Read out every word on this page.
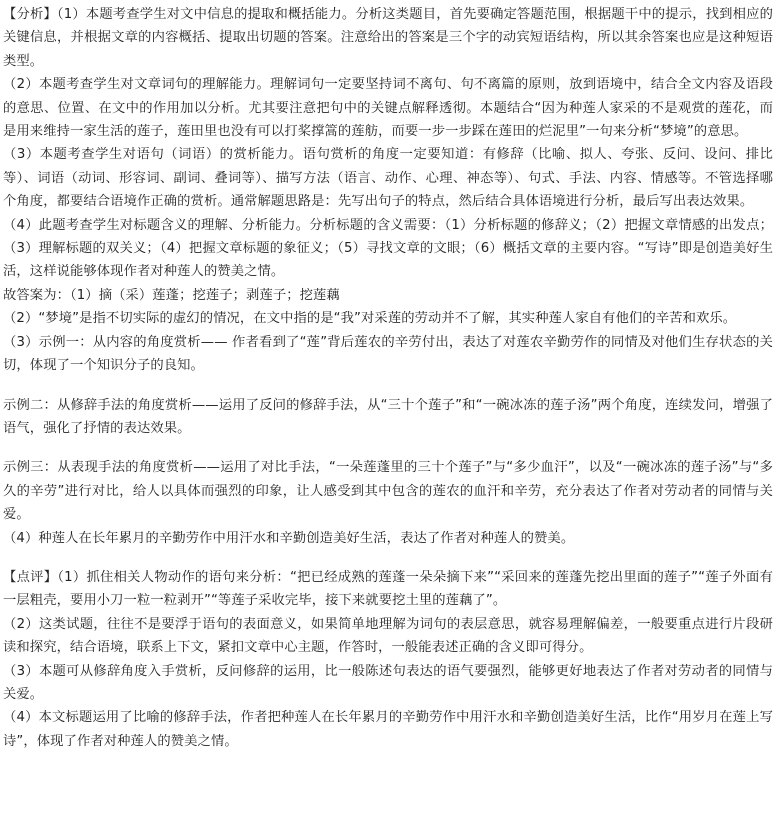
【分析】（1）本题考查学生对文中信息的提取和概括能力。分析这类题目，首先要确定答题范围，根据题干中的提示，找到相应的关键信息，并根据文章的内容概括、提取出切题的答案。注意给出的答案是三个字的动宾短语结构，所以其余答案也应是这种短语类型。

（2）本题考查学生对文章词句的理解能力。理解词句一定要坚持词不离句、句不离篇的原则，放到语境中，结合全文内容及语段的意思、位置、在文中的作用加以分析。尤其要注意把句中的关键点解释透彻。本题结合“因为种莲人家采的不是观赏的莲花，而是用来维持一家生活的莲子，莲田里也没有可以打桨撑篙的莲舫，而要一步一步踩在莲田的烂泥里”一句来分析“梦境”的意思。

（3）本题考查学生对语句（词语）的赏析能力。语句赏析的角度一定要知道：有修辞（比喻、拟人、夸张、反问、设问、排比等）、词语（动词、形容词、副词、叠词等）、描写方法（语言、动作、心理、神态等）、句式、手法、内容、情感等。不管选择哪个角度，都要结合语境作正确的赏析。通常解题思路是：先写出句子的特点，然后结合具体语境进行分析，最后写出表达效果。

（4）此题考查学生对标题含义的理解、分析能力。分析标题的含义需要：（1）分析标题的修辞义；（2）把握文章情感的出发点；（3）理解标题的双关义；（4）把握文章标题的象征义；（5）寻找文章的文眼；（6）概括文章的主要内容。“写诗”即是创造美好生活，这样说能够体现作者对种莲人的赞美之情。

故答案为：（1）摘（采）莲蓬；挖莲子；剥莲子；挖莲藕

（2）“梦境”是指不切实际的虚幻的情况，在文中指的是“我”对采莲的劳动并不了解，其实种莲人家自有他们的辛苦和欢乐。

（3）示例一：从内容的角度赏析—— 作者看到了“莲”背后莲农的辛劳付出，表达了对莲农辛勤劳作的同情及对他们生存状态的关切，体现了一个知识分子的良知。

示例二：从修辞手法的角度赏析——运用了反问的修辞手法，从“三十个莲子”和“一碗冰冻的莲子汤”两个角度，连续发问，增强了语气，强化了抒情的表达效果。

示例三：从表现手法的角度赏析——运用了对比手法，“一朵莲蓬里的三十个莲子”与“多少血汗”，以及“一碗冰冻的莲子汤”与“多久的辛劳”进行对比，给人以具体而强烈的印象，让人感受到其中包含的莲农的血汗和辛劳，充分表达了作者对劳动者的同情与关爱。

（4）种莲人在长年累月的辛勤劳作中用汗水和辛勤创造美好生活，表达了作者对种莲人的赞美。

【点评】（1）抓住相关人物动作的语句来分析：“把已经成熟的莲蓬一朵朵摘下来”“采回来的莲蓬先挖出里面的莲子”“莲子外面有一层粗壳，要用小刀一粒一粒剥开”“等莲子采收完毕，接下来就要挖土里的莲藕了”。

（2）这类试题，往往不是要浮于语句的表面意义，如果简单地理解为词句的表层意思，就容易理解偏差，一般要重点进行片段研读和探究，结合语境，联系上下文，紧扣文章中心主题，作答时，一般能表述正确的含义即可得分。

（3）本题可从修辞角度入手赏析，反问修辞的运用，比一般陈述句表达的语气要强烈，能够更好地表达了作者对劳动者的同情与关爱。

（4）本文标题运用了比喻的修辞手法，作者把种莲人在长年累月的辛勤劳作中用汗水和辛勤创造美好生活，比作“用岁月在莲上写诗”，体现了作者对种莲人的赞美之情。
